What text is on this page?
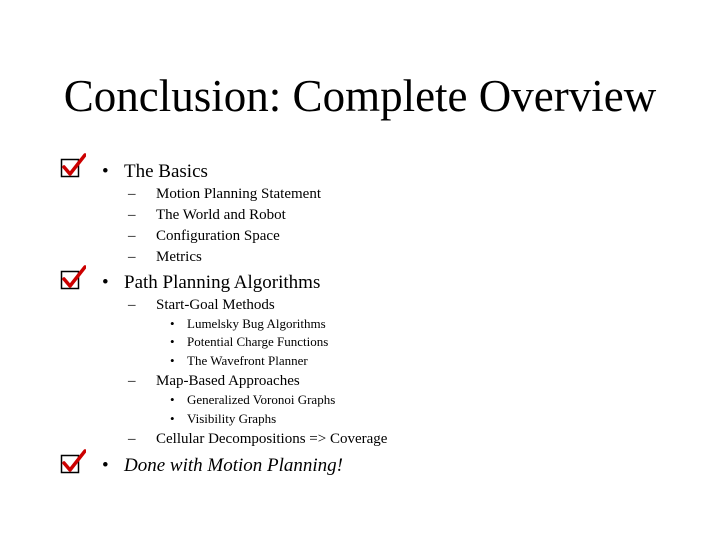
Conclusion: Complete Overview
• The Basics
– Motion Planning Statement
– The World and Robot
– Configuration Space
– Metrics
• Path Planning Algorithms
– Start-Goal Methods
• Lumelsky Bug Algorithms
• Potential Charge Functions
• The Wavefront Planner
– Map-Based Approaches
• Generalized Voronoi Graphs
• Visibility Graphs
– Cellular Decompositions => Coverage
• Done with Motion Planning!
